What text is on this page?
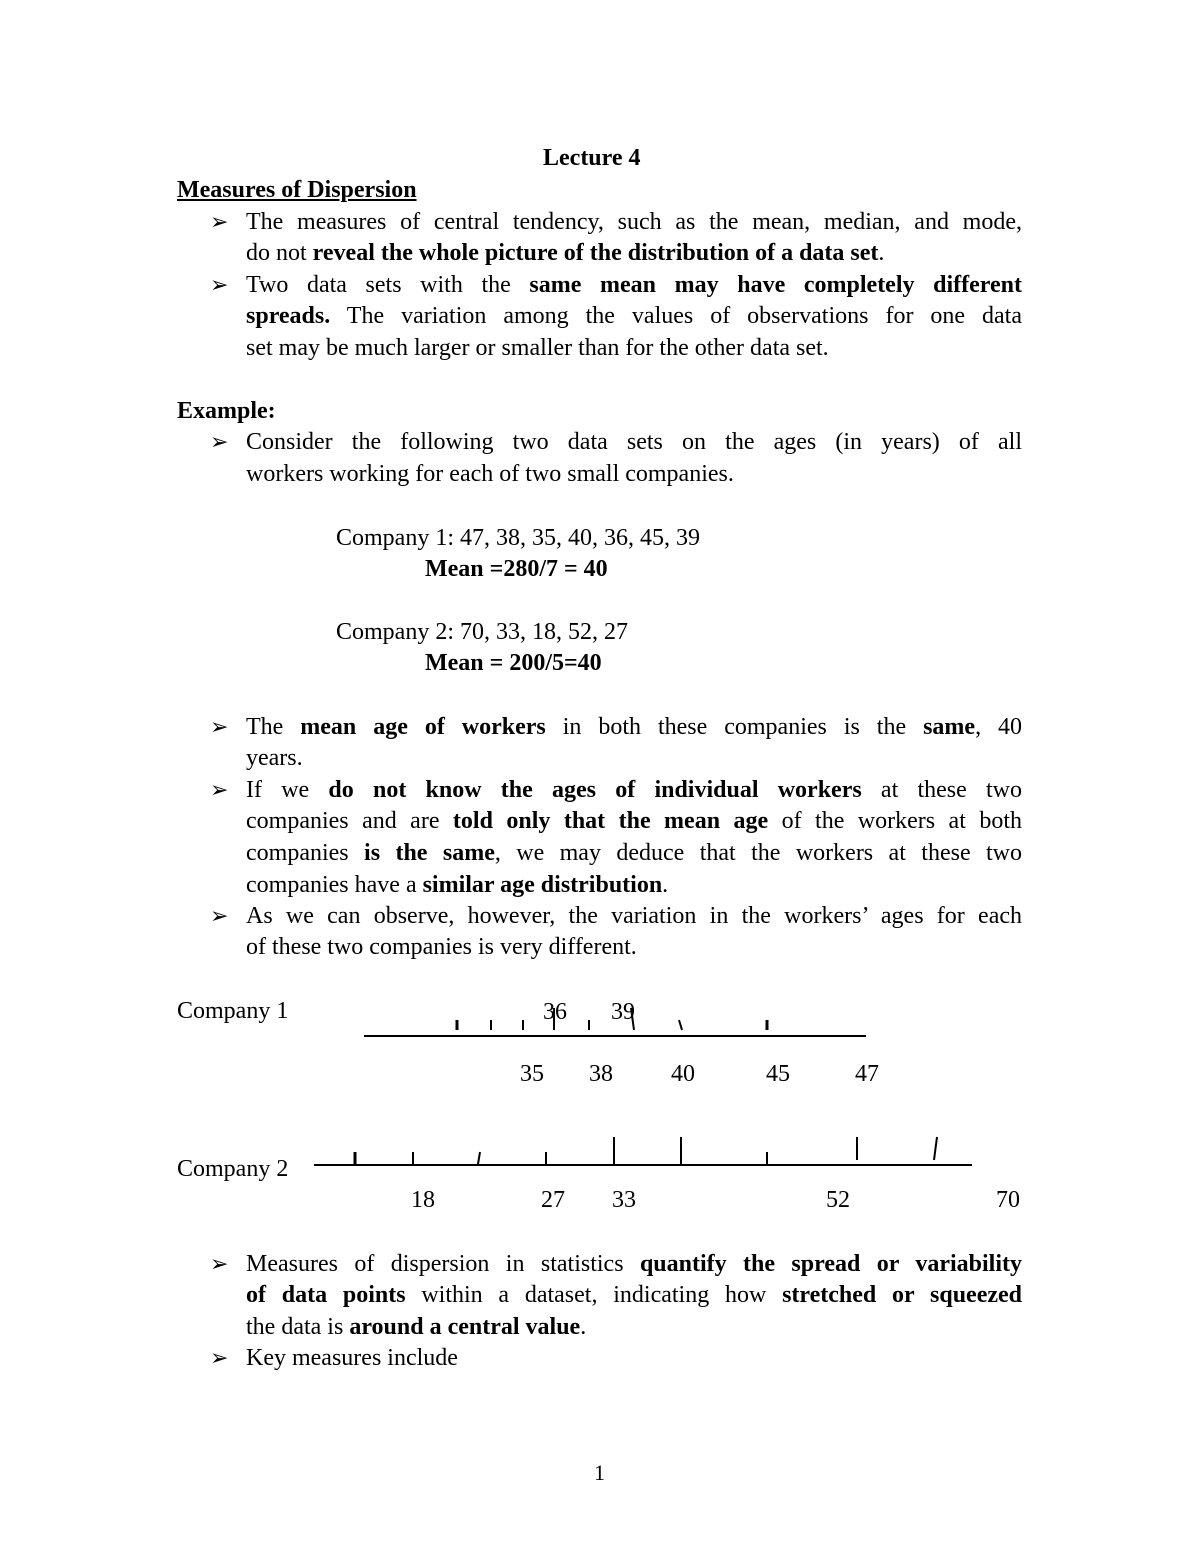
Lecture 4
Measures of Dispersion
➢ The measures of central tendency, such as the mean, median, and mode,
do not reveal the whole picture of the distribution of a data set.
➢ Two data sets with the same mean may have completely different
spreads. The variation among the values of observations for one data
set may be much larger or smaller than for the other data set.
Example:
➢ Consider the following two data sets on the ages (in years) of all
workers working for each of two small companies.
Company 1: 47, 38, 35, 40, 36, 45, 39
Mean =280/7 = 40
Company 2: 70, 33, 18, 52, 27
Mean = 200/5=40
➢ The mean age of workers in both these companies is the same, 40
years.
➢ If we do not know the ages of individual workers at these two
companies and are told only that the mean age of the workers at both
companies is the same, we may deduce that the workers at these two
companies have a similar age distribution.
➢ As we can observe, however, the variation in the workers’ ages for each
of these two companies is very different.
Company 1
Company 2
36 39
35 38 40	45	47
18	27 33	52	70
➢ Measures of dispersion in statistics quantify the spread or variability
of data points within a dataset, indicating how stretched or squeezed
the data is around a central value.
➢ Key measures include
1
